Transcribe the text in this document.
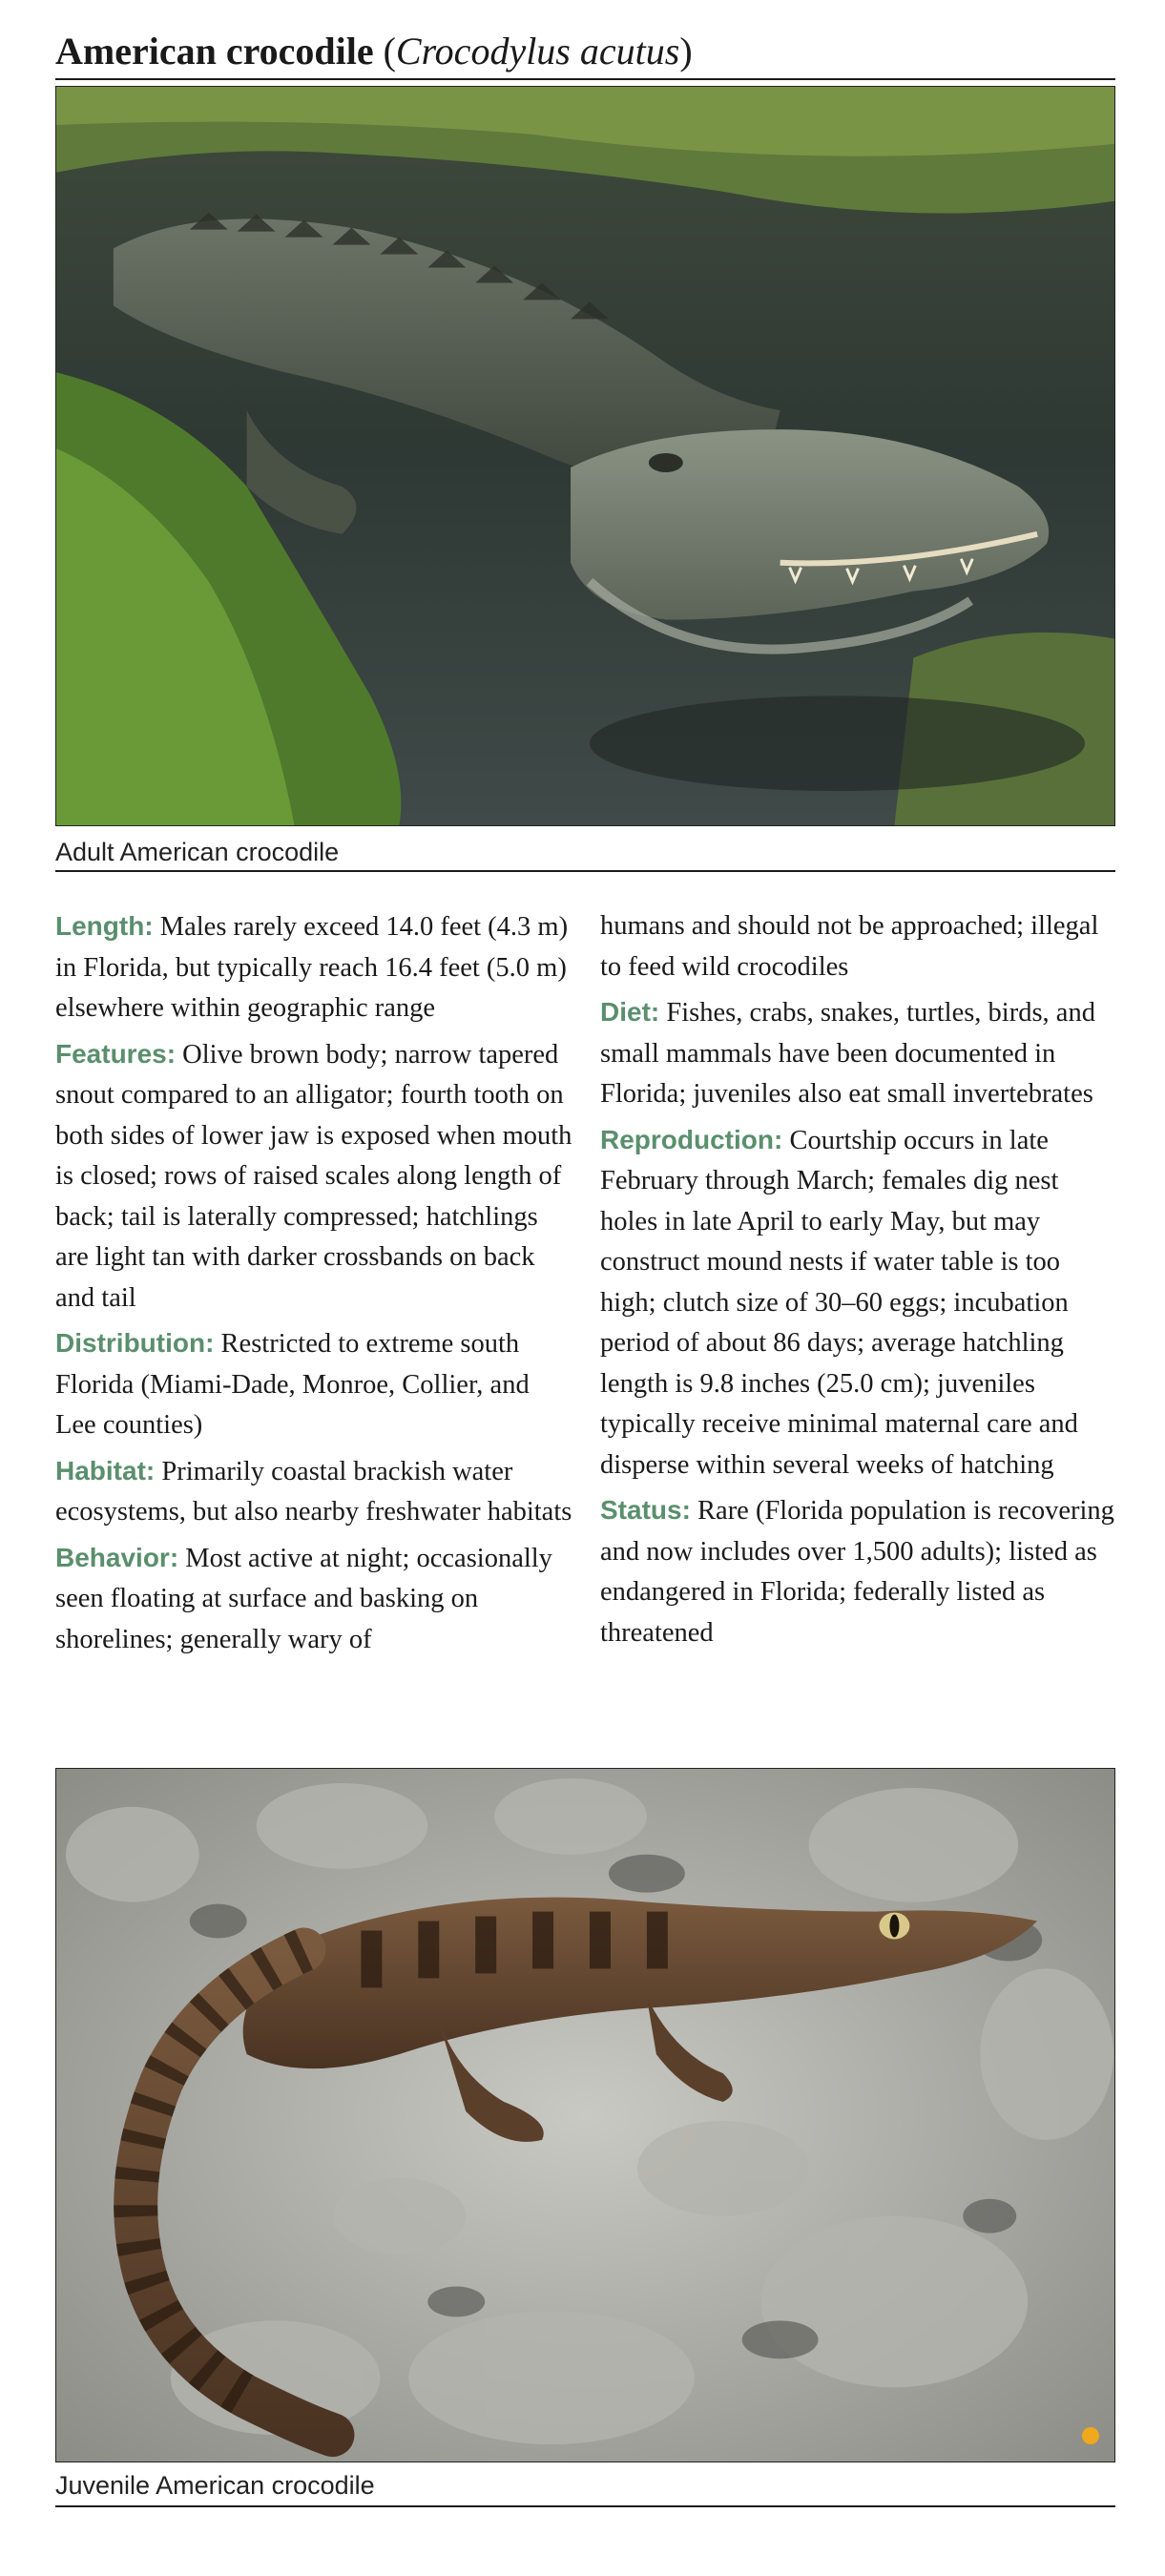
American crocodile (Crocodylus acutus)
Adult American crocodile

Length: Males rarely exceed 14.0 feet (4.3 m) in Florida, but typically reach 16.4 feet (5.0 m) elsewhere within geographic range

Features: Olive brown body; narrow tapered snout compared to an alligator; fourth tooth on both sides of lower jaw is exposed when mouth is closed; rows of raised scales along length of back; tail is laterally compressed; hatchlings are light tan with darker crossbands on back and tail

Distribution: Restricted to extreme south Florida (Miami-Dade, Monroe, Collier, and Lee counties)

Habitat: Primarily coastal brackish water ecosystems, but also nearby freshwater habitats

Behavior: Most active at night; occasionally seen floating at surface and basking on shorelines; generally wary of

humans and should not be approached; illegal to feed wild crocodiles

Diet: Fishes, crabs, snakes, turtles, birds, and small mammals have been documented in Florida; juveniles also eat small invertebrates

Reproduction: Courtship occurs in late February through March; females dig nest holes in late April to early May, but may construct mound nests if water table is too high; clutch size of 30–60 eggs; incubation period of about 86 days; average hatchling length is 9.8 inches (25.0 cm); juveniles typically receive minimal maternal care and disperse within several weeks of hatching

Status: Rare (Florida population is recovering and now includes over 1,500 adults); listed as endangered in Florida; federally listed as threatened

Juvenile American crocodile
